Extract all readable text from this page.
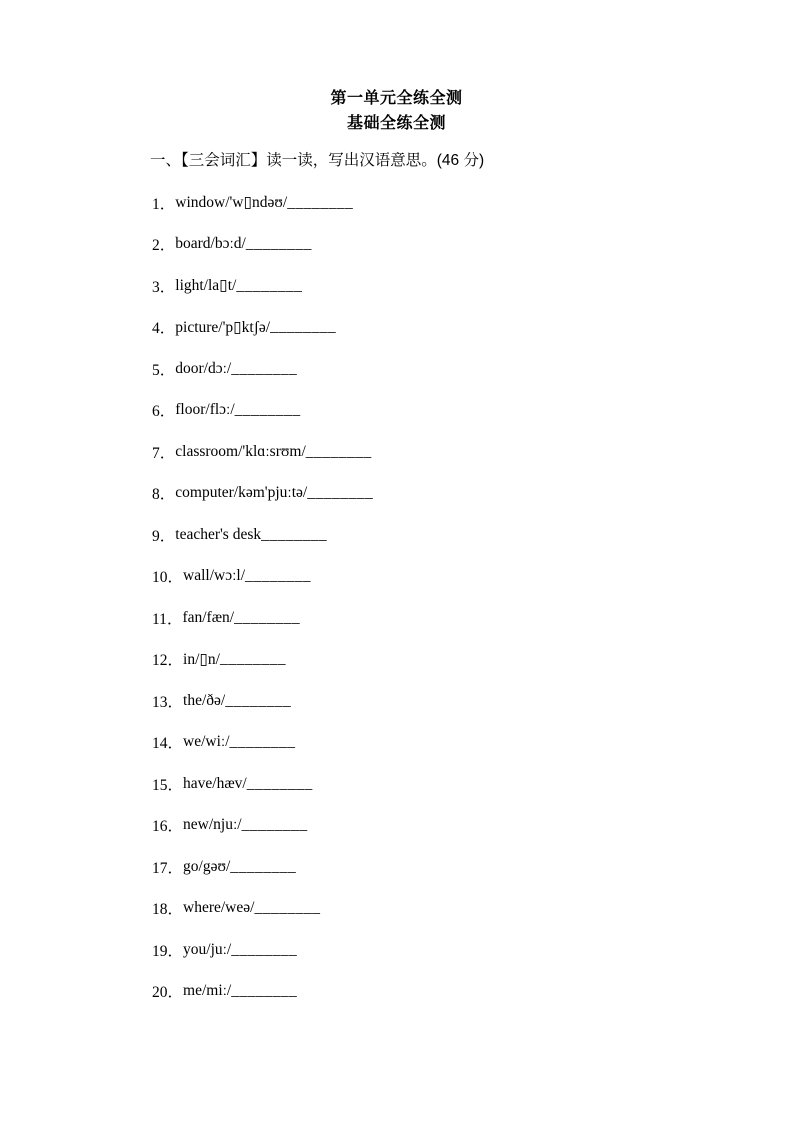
第一单元全练全测
基础全练全测
一、【三会词汇】读一读，写出汉语意思。(46 分)
1 ．	window/'w▯ndəʊ/ ________
2 ．	board/bɔːd/ ________
3 ．	light/la▯t/ ________
4 ．	picture/'p▯ktʃə/ ________
5 ．	door/dɔː/ ________
6 ．	floor/flɔː/ ________
7 ．	classroom/'klɑːsrʊm/ ________
8 ．	computer/kəm'pjuːtə/ ________
9 ．	teacher's desk ________
10 ．	wall/wɔːl/ ________
11 ．	fan/fæn/ ________
12 ．	in/▯n/ ________
13 ．	the/ðə/ ________
14 ．	we/wiː/ ________
15 ．	have/hæv/ ________
16 ．	new/njuː/ ________
17 ．	go/gəʊ/ ________
18 ．	where/weə/ ________
19 ．	you/juː/ ________
20 ．	me/miː/ ________
